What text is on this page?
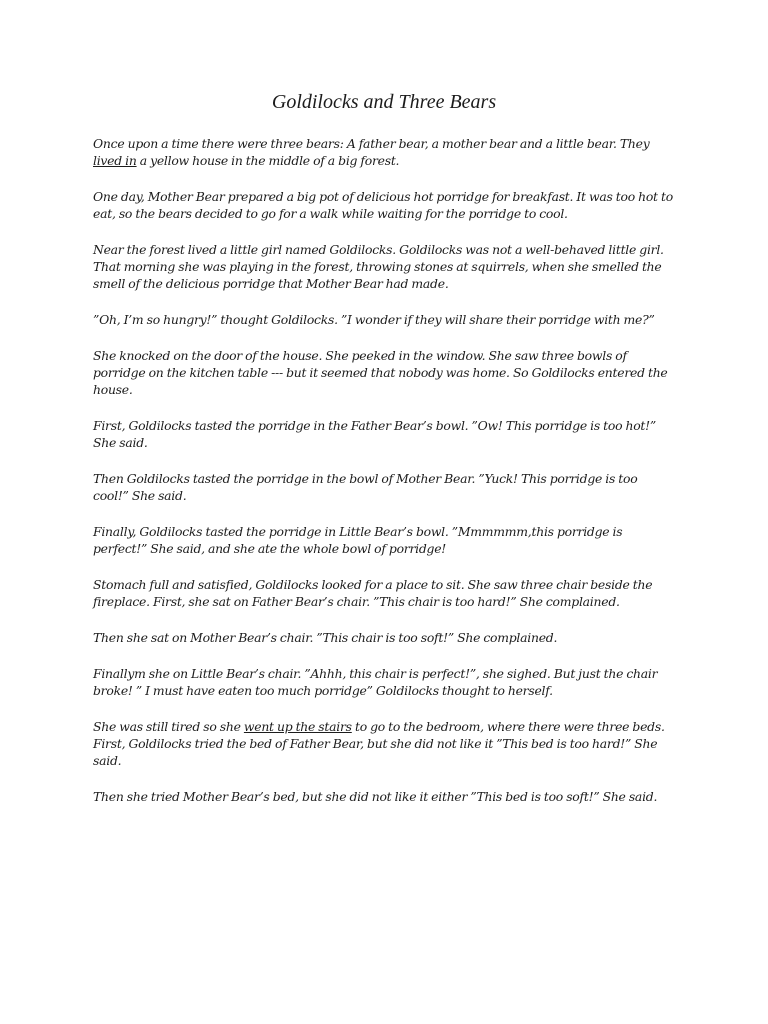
Goldilocks and Three Bears

Once upon a time there were three bears: A father bear, a mother bear and a little bear. They lived in a yellow house in the middle of a big forest.

One day, Mother Bear prepared a big pot of delicious hot porridge for breakfast. It was too hot to eat, so the bears decided to go for a walk while waiting for the porridge to cool.

Near the forest lived a little girl named Goldilocks. Goldilocks was not a well-behaved little girl. That morning she was playing in the forest, throwing stones at squirrels, when she smelled the smell of the delicious porridge that Mother Bear had made.

”Oh, I’m so hungry!” thought Goldilocks. ”I wonder if they will share their porridge with me?”

She knocked on the door of the house. She peeked in the window. She saw three bowls of porridge on the kitchen table --- but it seemed that nobody was home. So Goldilocks entered the house.

First, Goldilocks tasted the porridge in the Father Bear’s bowl. ”Ow! This porridge is too hot!” She said.

Then Goldilocks tasted the porridge in the bowl of Mother Bear. ”Yuck! This porridge is too cool!” She said.

Finally, Goldilocks tasted the porridge in Little Bear’s bowl. ”Mmmmmm,this porridge is perfect!” She said, and she ate the whole bowl of porridge!

Stomach full and satisfied, Goldilocks looked for a place to sit. She saw three chair beside the fireplace. First, she sat on Father Bear’s chair. ”This chair is too hard!” She complained.

Then she sat on Mother Bear’s chair. ”This chair is too soft!” She complained.

Finallym she on Little Bear’s chair. ”Ahhh, this chair is perfect!”, she sighed. But just the chair broke! ” I must have eaten too much porridge” Goldilocks thought to herself.

She was still tired so she went up the stairs to go to the bedroom, where there were three beds. First, Goldilocks tried the bed of Father Bear, but she did not like it ”This bed is too hard!” She said.

Then she tried Mother Bear’s bed, but she did not like it either ”This bed is too soft!” She said.
